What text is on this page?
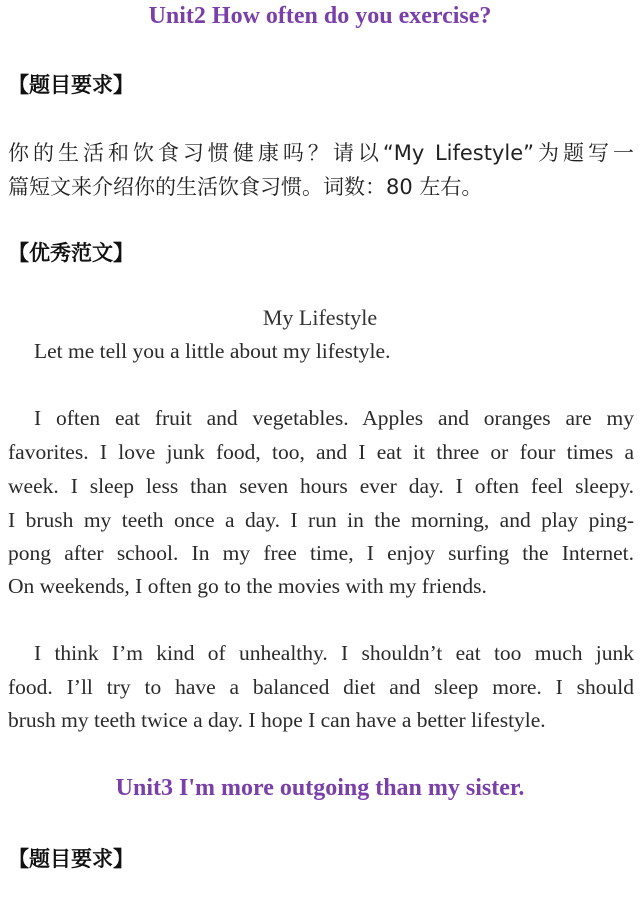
Unit2 How often do you exercise?
【题目要求】
你的生活和饮食习惯健康吗？请以“My Lifestyle”为题写一
篇短文来介绍你的生活饮食习惯。词数：80 左右。
【优秀范文】
My Lifestyle
Let me tell you a little about my lifestyle.
I often eat fruit and vegetables. Apples and oranges are my
favorites. I love junk food, too, and I eat it three or four times a
week. I sleep less than seven hours ever day. I often feel sleepy.
I brush my teeth once a day. I run in the morning, and play ping-
pong after school. In my free time, I enjoy surfing the Internet.
On weekends, I often go to the movies with my friends.
I think I’m kind of unhealthy. I shouldn’t eat too much junk
food. I’ll try to have a balanced diet and sleep more. I should
brush my teeth twice a day. I hope I can have a better lifestyle.
Unit3 I'm more outgoing than my sister.
【题目要求】
